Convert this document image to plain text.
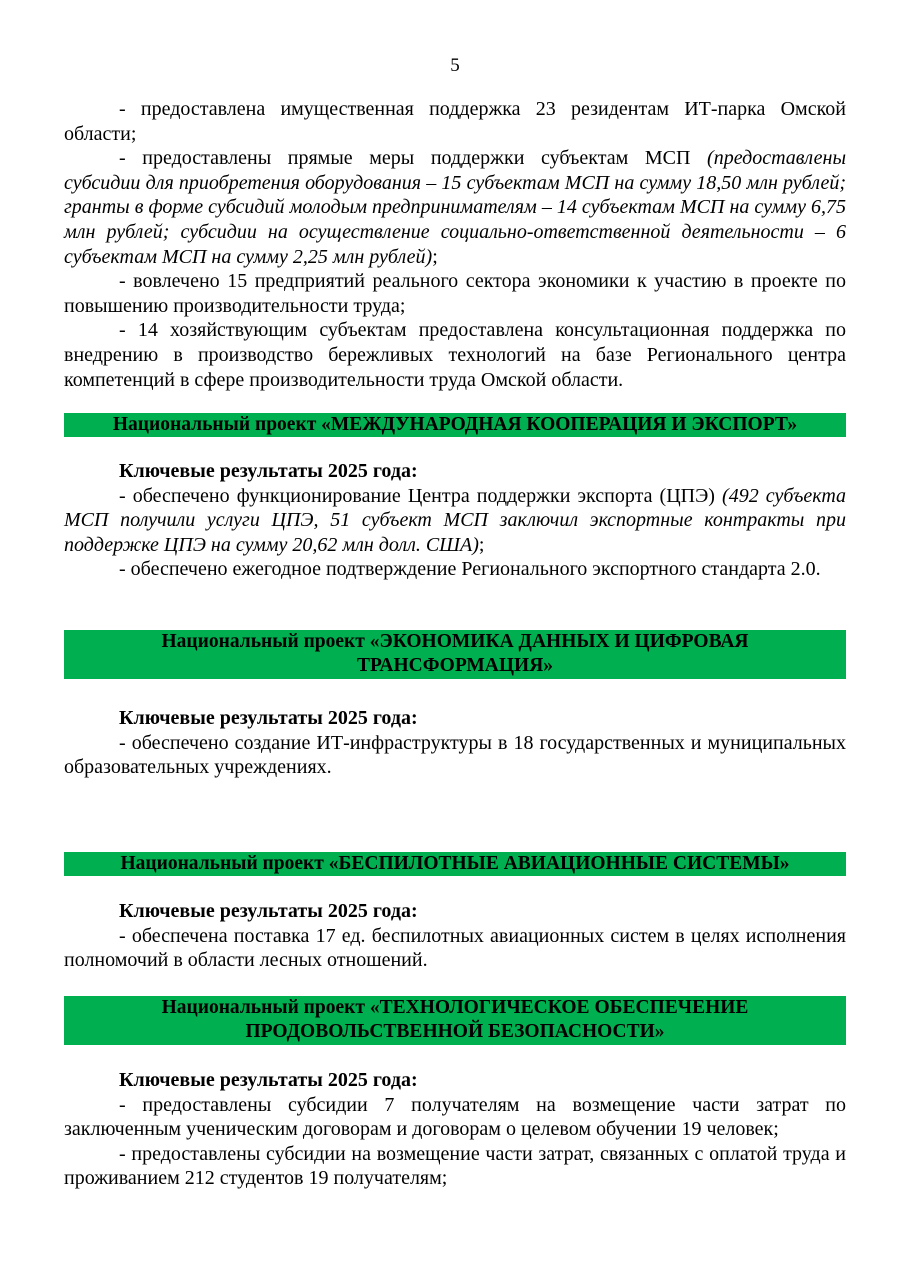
5

- предоставлена имущественная поддержка 23 резидентам ИТ-парка Омской области;

- предоставлены прямые меры поддержки субъектам МСП (предоставлены субсидии для приобретения оборудования – 15 субъектам МСП на сумму 18,50 млн рублей; гранты в форме субсидий молодым предпринимателям – 14 субъектам МСП на сумму 6,75 млн рублей; субсидии на осуществление социально-ответственной деятельности – 6 субъектам МСП на сумму 2,25 млн рублей);

- вовлечено 15 предприятий реального сектора экономики к участию в проекте по повышению производительности труда;

- 14 хозяйствующим субъектам предоставлена консультационная поддержка по внедрению в производство бережливых технологий на базе Регионального центра компетенций в сфере производительности труда Омской области.

Национальный проект «МЕЖДУНАРОДНАЯ КООПЕРАЦИЯ И ЭКСПОРТ»

Ключевые результаты 2025 года:

- обеспечено функционирование Центра поддержки экспорта (ЦПЭ) (492 субъекта МСП получили услуги ЦПЭ, 51 субъект МСП заключил экспортные контракты при поддержке ЦПЭ на сумму 20,62 млн долл. США);

- обеспечено ежегодное подтверждение Регионального экспортного стандарта 2.0.

Национальный проект «ЭКОНОМИКА ДАННЫХ И ЦИФРОВАЯ
ТРАНСФОРМАЦИЯ»

Ключевые результаты 2025 года:

- обеспечено создание ИТ-инфраструктуры в 18 государственных и муниципальных образовательных учреждениях.

Национальный проект «БЕСПИЛОТНЫЕ АВИАЦИОННЫЕ СИСТЕМЫ»

Ключевые результаты 2025 года:

- обеспечена поставка 17 ед. беспилотных авиационных систем в целях исполнения полномочий в области лесных отношений.

Национальный проект «ТЕХНОЛОГИЧЕСКОЕ ОБЕСПЕЧЕНИЕ
ПРОДОВОЛЬСТВЕННОЙ БЕЗОПАСНОСТИ»

Ключевые результаты 2025 года:

- предоставлены субсидии 7 получателям на возмещение части затрат по заключенным ученическим договорам и договорам о целевом обучении 19 человек;

- предоставлены субсидии на возмещение части затрат, связанных с оплатой труда и проживанием 212 студентов 19 получателям;
